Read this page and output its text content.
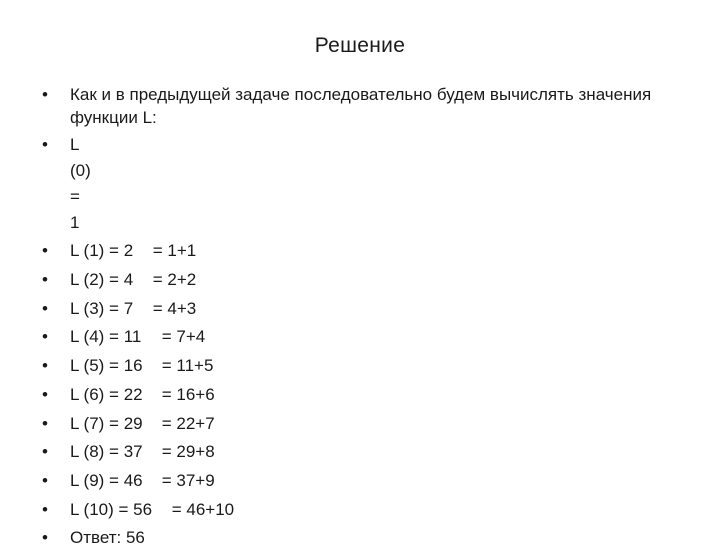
Решение
•	Как и в предыдущей задаче последовательно будем вычислять значения функции L:
•	L (0) = 1
•	L (1) = 2 = 1+1
•	L (2) = 4 = 2+2
•	L (3) = 7 = 4+3
•	L (4) = 11 = 7+4
•	L (5) = 16 = 11+5
•	L (6) = 22 = 16+6
•	L (7) = 29 = 22+7
•	L (8) = 37 = 29+8
•	L (9) = 46 = 37+9
•	L (10) = 56 = 46+10
•	Ответ: 56
